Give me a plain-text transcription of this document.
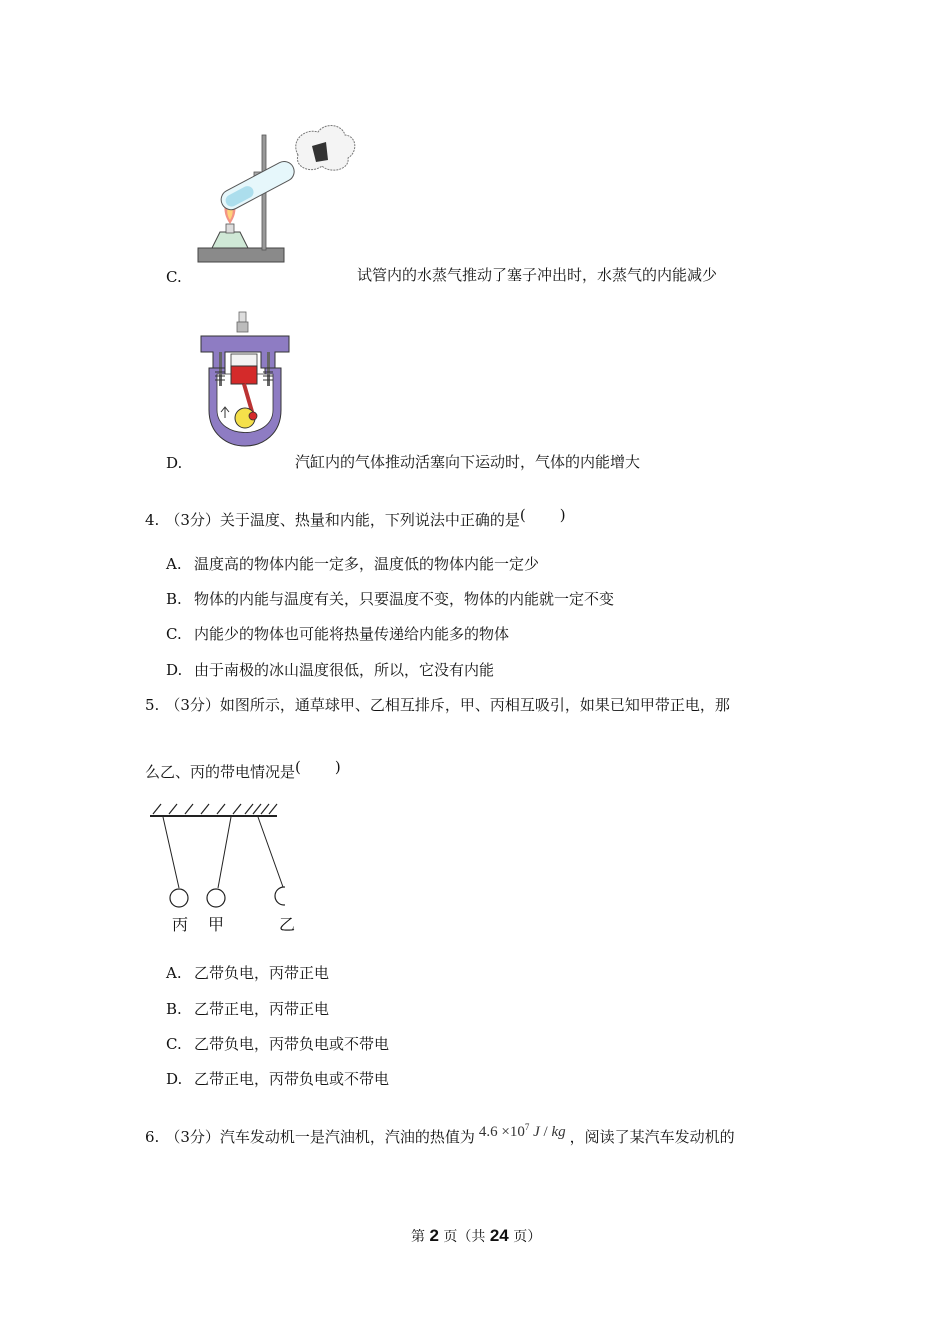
C.	试管内的水蒸气推动了塞子冲出时，水蒸气的内能减少
D.	汽缸内的气体推动活塞向下运动时，气体的内能增大
4. （3分）关于温度、热量和内能，下列说法中正确的是( )
A. 温度高的物体内能一定多，温度低的物体内能一定少
B. 物体的内能与温度有关，只要温度不变，物体的内能就一定不变
C. 内能少的物体也可能将热量传递给内能多的物体
D. 由于南极的冰山温度很低，所以，它没有内能
5. （3分）如图所示，通草球甲、乙相互排斥，甲、丙相互吸引，如果已知甲带正电，那
么乙、丙的带电情况是( )
丙 甲	乙
A. 乙带负电，丙带正电
B. 乙带正电，丙带正电
C. 乙带负电，丙带负电或不带电
D. 乙带正电，丙带负电或不带电
6. （3分）汽车发动机一是汽油机，汽油的热值为 $4.6 \times 10^7$ J / kg ，阅读了某汽车发动机的
第 2 页（共 24 页）
